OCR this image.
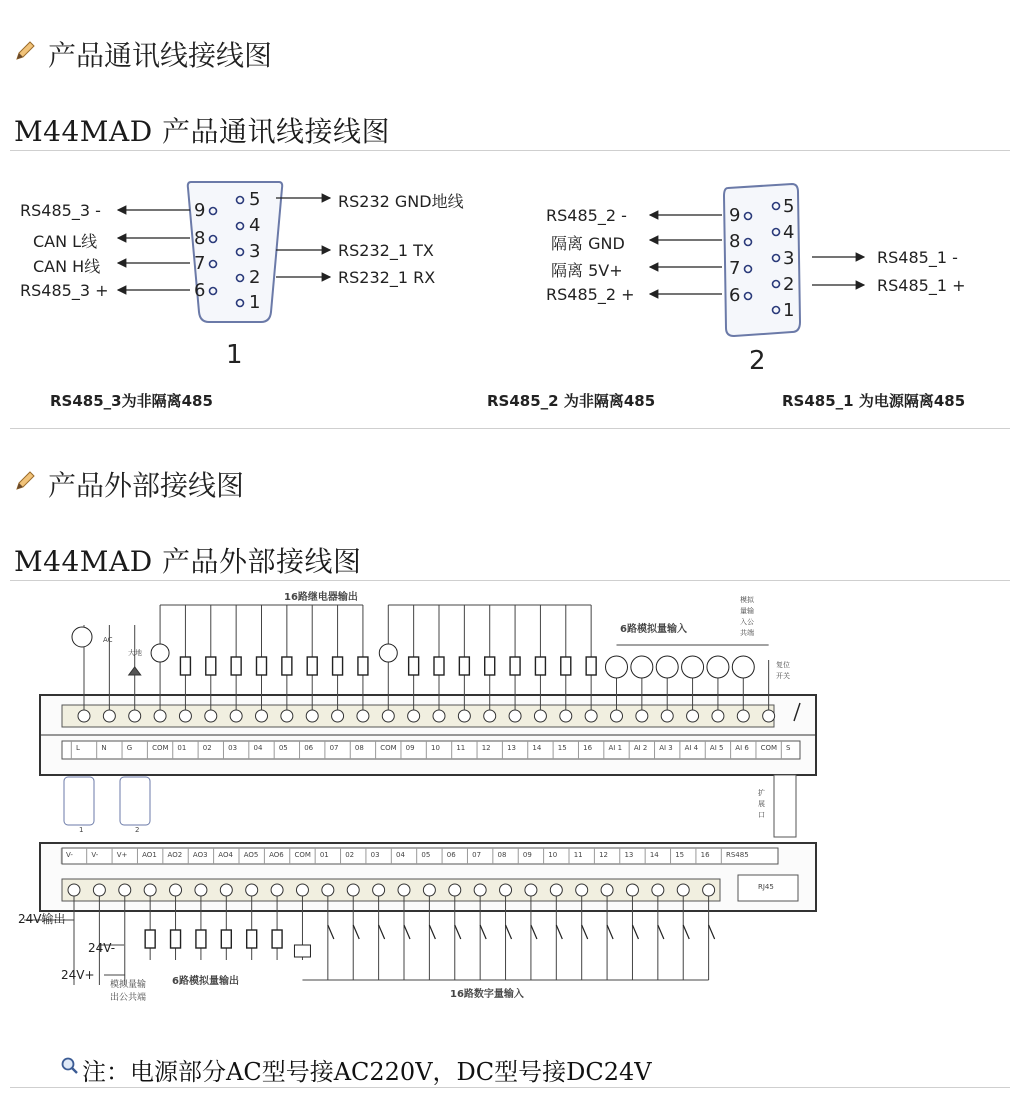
产品通讯线接线图
M44MAD 产品通讯线接线图
9
8
7
6
5
4
3
2
1
RS485_3 -
CAN L线
CAN H线
RS485_3 +
RS232 GND地线
RS232_1 TX
RS232_1 RX
1
RS485_3为非隔离485
9
8
7
6
5
4
3
2
1
RS485_2 -
隔离 GND
隔离 5V+
RS485_2 +
RS485_1 -
RS485_1 +
2
RS485_2 为非隔离485	RS485_1 为电源隔离485
产品外部接线图
M44MAD 产品外部接线图
16路继电器输出
6路模拟量输入
模拟
量输
入公
共端
大地
复位
开关
AC
扩
展
口
1	2
RJ45
24V输出
24V-
24V+
模拟量输
出公共端
6路模拟量输出
16路数字量输入
L	N	G	COM 01 02 03 04 05 06 07 08 COM 09 10 11 12 13 14 15 16 AI 1 AI 2 AI 3 AI 4 AI 5 AI 6 COM S
V-	V-	V+ AO1 AO2 AO3 AO4 AO5 AO6 COM 01 02 03 04 05 06 07 08 09 10 11 12 13 14 15 16 RS485
注：电源部分AC型号接AC220V，DC型号接DC24V
